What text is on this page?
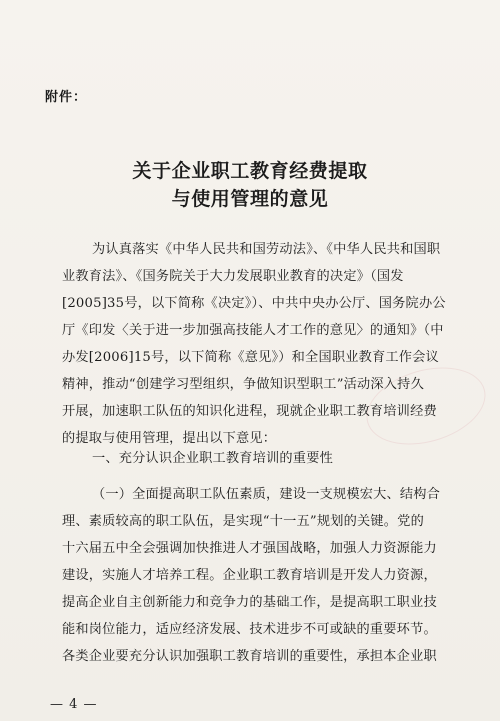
附件：
关于企业职工教育经费提取
与使用管理的意见
为认真落实《中华人民共和国劳动法》、《中华人民共和国职
业教育法》、《国务院关于大力发展职业教育的决定》（国发
[2005]35号，以下简称《决定》）、中共中央办公厅、国务院办公
厅《印发〈关于进一步加强高技能人才工作的意见〉的通知》（中
办发[2006]15号，以下简称《意见》）和全国职业教育工作会议
精神，推动“创建学习型组织，争做知识型职工”活动深入持久
开展，加速职工队伍的知识化进程，现就企业职工教育培训经费
的提取与使用管理，提出以下意见：
一、充分认识企业职工教育培训的重要性
（一）全面提高职工队伍素质，建设一支规模宏大、结构合
理、素质较高的职工队伍，是实现“十一五”规划的关键。党的
十六届五中全会强调加快推进人才强国战略，加强人力资源能力
建设，实施人才培养工程。企业职工教育培训是开发人力资源，
提高企业自主创新能力和竞争力的基础工作，是提高职工职业技
能和岗位能力，适应经济发展、技术进步不可或缺的重要环节。
各类企业要充分认识加强职工教育培训的重要性，承担本企业职
— 4 —
